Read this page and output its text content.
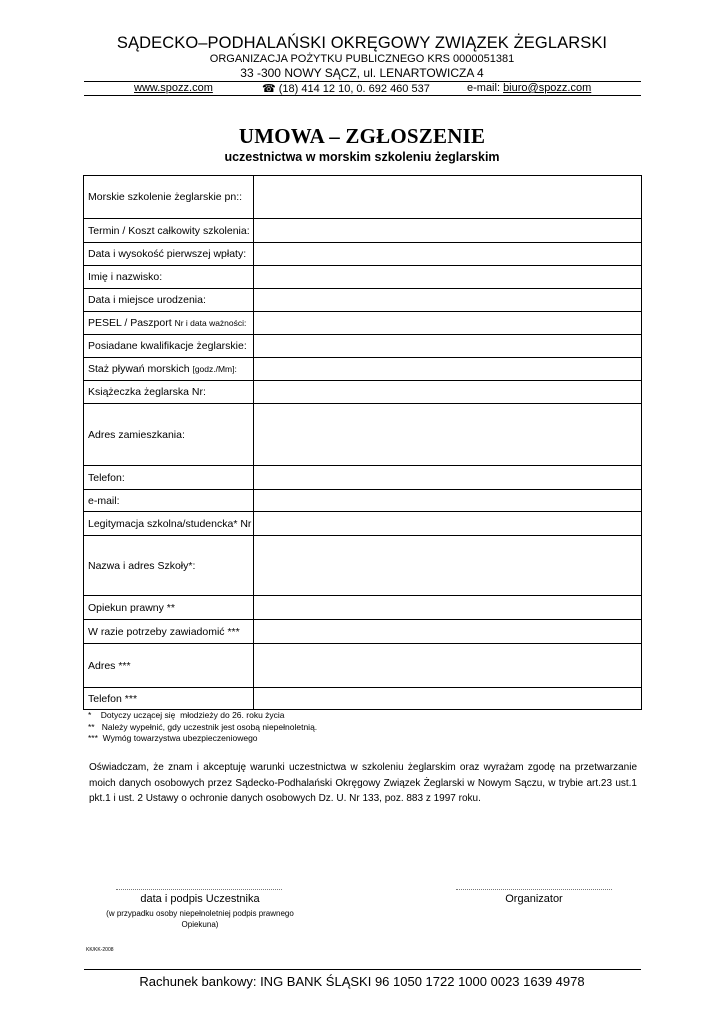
SĄDECKO–PODHALAŃSKI OKRĘGOWY ZWIĄZEK ŻEGLARSKI
ORGANIZACJA POŻYTKU PUBLICZNEGO KRS 0000051381
33 -300 NOWY SĄCZ, ul. LENARTOWICZA 4
www.spozz.com	☎ (18) 414 12 10, 0. 692 460 537	e-mail: biuro@spozz.com
UMOWA – ZGŁOSZENIE
uczestnictwa w morskim szkoleniu żeglarskim
Morskie szkolenie żeglarskie pn::	
Termin / Koszt całkowity szkolenia:	
Data i wysokość pierwszej wpłaty:	
Imię i nazwisko:	
Data i miejsce urodzenia:	
PESEL / Paszport Nr i data ważności:	
Posiadane kwalifikacje żeglarskie:	
Staż pływań morskich [godz./Mm]:	
Książeczka żeglarska Nr:	
Adres zamieszkania:	
Telefon:	
e-mail:	
Legitymacja szkolna/studencka* Nr	
Nazwa i adres Szkoły*:	
Opiekun prawny **	
W razie potrzeby zawiadomić ***	
Adres ***	
Telefon ***	
*    Dotyczy uczącej się  młodzieży do 26. roku życia
**   Należy wypełnić, gdy uczestnik jest osobą niepełnoletnią.
***  Wymóg towarzystwa ubezpieczeniowego
Oświadczam, że znam i akceptuję warunki uczestnictwa w szkoleniu żeglarskim oraz wyrażam zgodę na przetwarzanie moich danych osobowych przez Sądecko-Podhalański Okręgowy Związek Żeglarski w Nowym Sączu, w trybie art.23 ust.1 pkt.1 i ust. 2 Ustawy o ochronie danych osobowych Dz. U. Nr 133, poz. 883 z 1997 roku.
data i podpis Uczestnika
(w przypadku osoby niepełnoletniej podpis prawnego
Opiekuna)
Organizator
KK/KK-2008
Rachunek bankowy: ING BANK ŚLĄSKI 96 1050 1722 1000 0023 1639 4978
